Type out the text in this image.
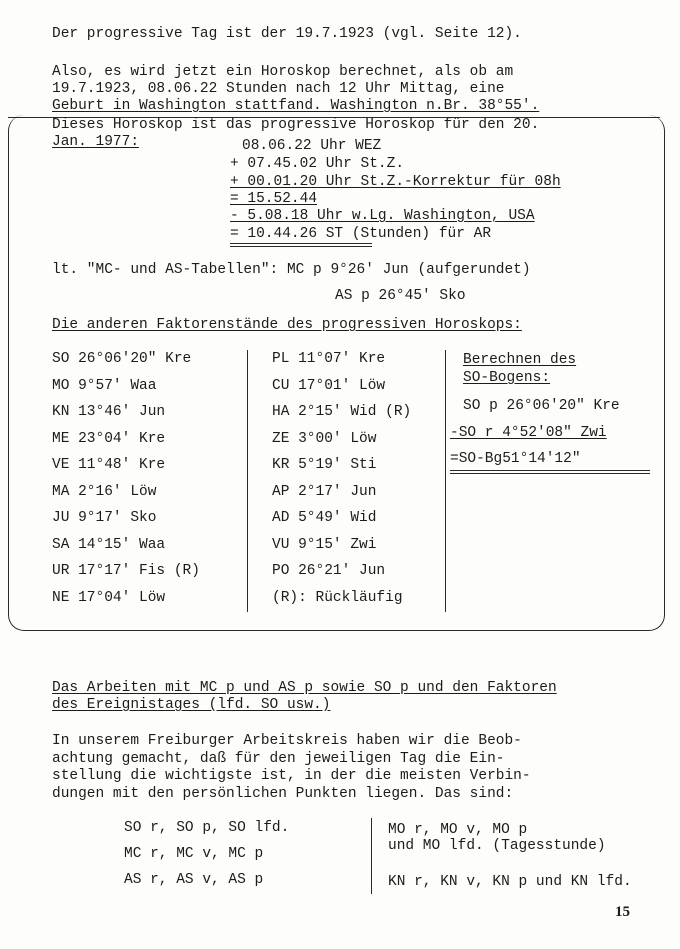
Der progressive Tag ist der 19.7.1923 (vgl. Seite 12).
Also, es wird jetzt ein Horoskop berechnet, als ob am
19.7.1923, 08.06.22 Stunden nach 12 Uhr Mittag, eine
Geburt in Washington stattfand. Washington n.Br. 38°55'.
Dieses Horoskop ist das progressive Horoskop für den 20.
Jan. 1977:	08.06.22 Uhr WEZ
+ 07.45.02 Uhr St.Z.
+ 00.01.20 Uhr St.Z.-Korrektur für 08h
= 15.52.44
- 5.08.18 Uhr w.Lg. Washington, USA
= 10.44.26 ST (Stunden) für AR
lt. "MC- und AS-Tabellen": MC p 9°26' Jun (aufgerundet)
AS p 26°45' Sko
Die anderen Faktorenstände des progressiven Horoskops:
SO 26°06'20" Kre
MO 9°57' Waa
KN 13°46' Jun
ME 23°04' Kre
VE 11°48' Kre
MA 2°16' Löw
JU 9°17' Sko
SA 14°15' Waa
UR 17°17' Fis (R)
NE 17°04' Löw
PL 11°07' Kre
CU 17°01' Löw
HA 2°15' Wid (R)
ZE 3°00' Löw
KR 5°19' Sti
AP 2°17' Jun
AD 5°49' Wid
VU 9°15' Zwi
PO 26°21' Jun
(R): Rückläufig
Berechnen des
SO-Bogens:
SO p 26°06'20" Kre
-SO r 4°52'08" Zwi
=SO-Bg51°14'12"
Das Arbeiten mit MC p und AS p sowie SO p und den Faktoren
des Ereignistages (lfd. SO usw.)
In unserem Freiburger Arbeitskreis haben wir die Beob-
achtung gemacht, daß für den jeweiligen Tag die Ein-
stellung die wichtigste ist, in der die meisten Verbin-
dungen mit den persönlichen Punkten liegen. Das sind:
SO r, SO p, SO lfd.
MC r, MC v, MC p
AS r, AS v, AS p
MO r, MO v, MO p
und MO lfd. (Tagesstunde)
KN r, KN v, KN p und KN lfd.
15
